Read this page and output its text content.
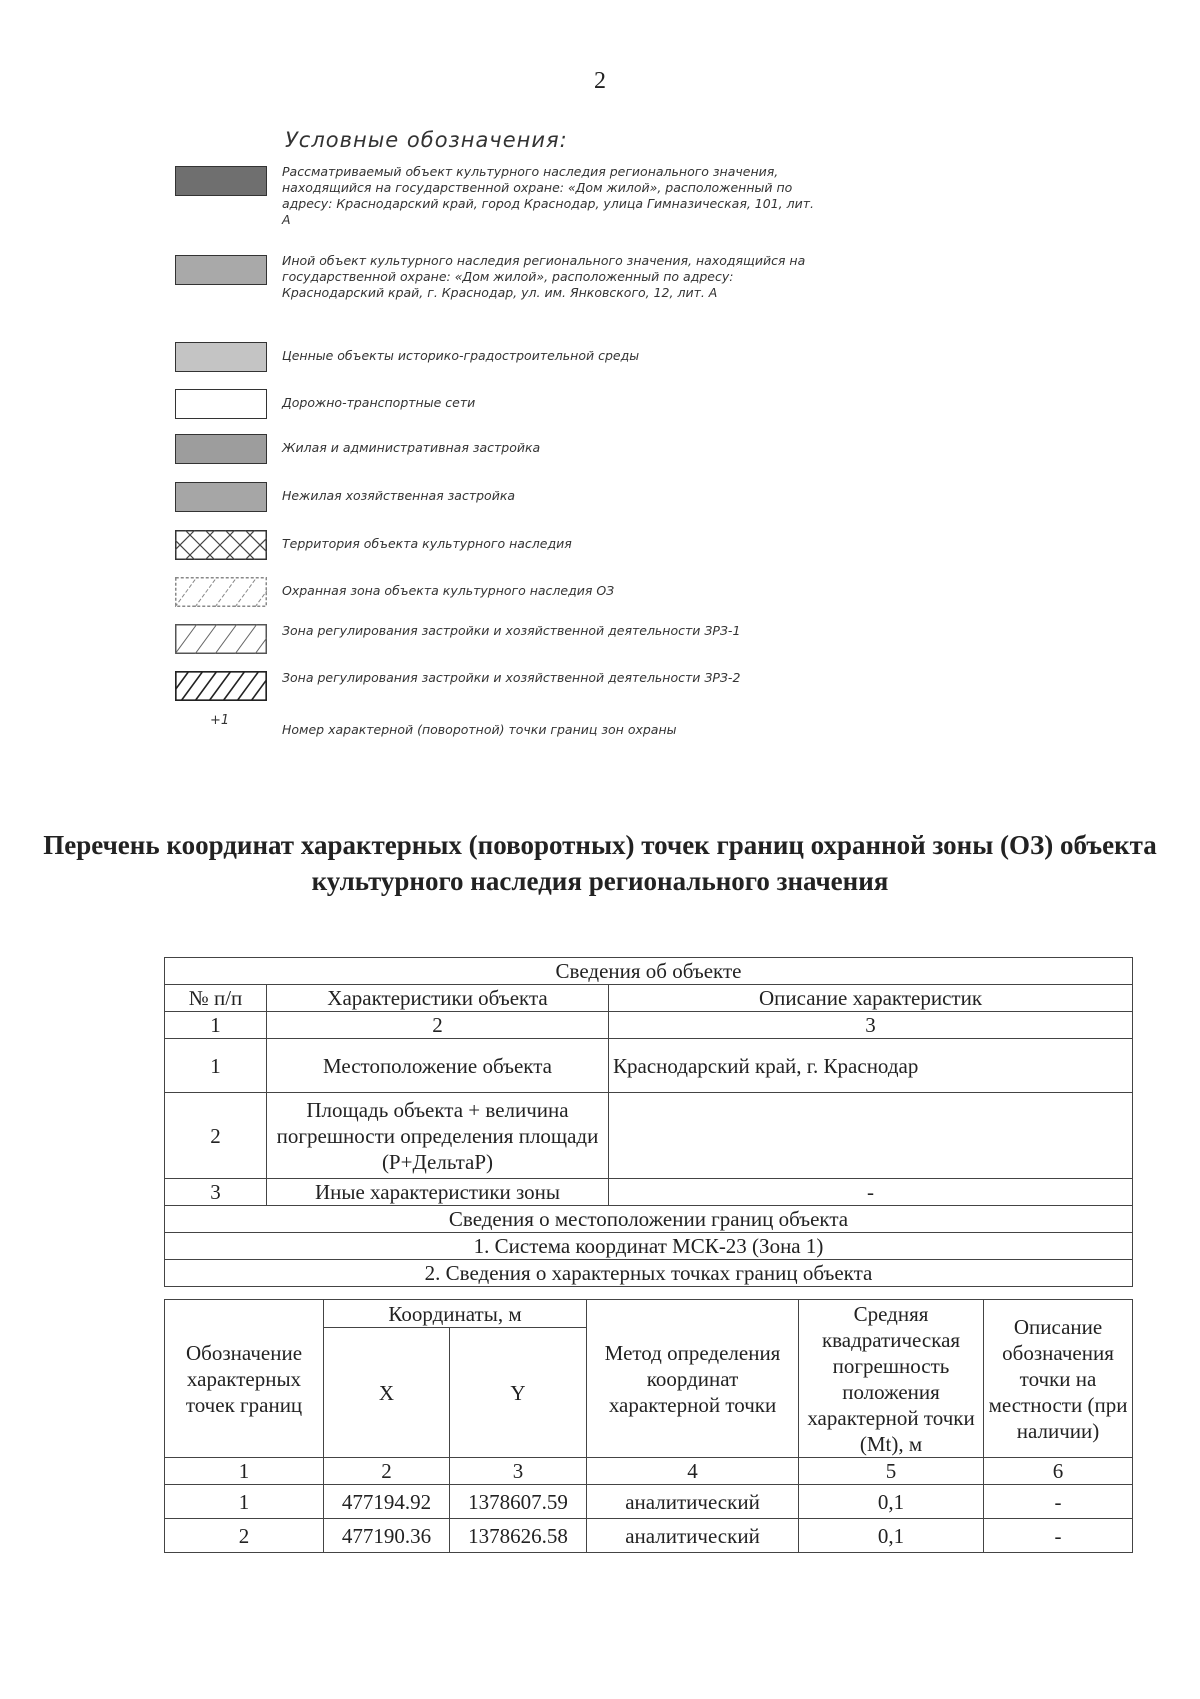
2
Условные обозначения:
Рассматриваемый объект культурного наследия регионального значения, находящийся на государственной охране: «Дом жилой», расположенный по адресу: Краснодарский край, город Краснодар, улица Гимназическая, 101, лит. А
Иной объект культурного наследия регионального значения, находящийся на государственной охране: «Дом жилой», расположенный по адресу: Краснодарский край, г. Краснодар, ул. им. Янковского, 12, лит. А
Ценные объекты историко-градостроительной среды
Дорожно-транспортные сети
Жилая и административная застройка
Нежилая хозяйственная застройка
Территория объекта культурного наследия
Охранная зона объекта культурного наследия ОЗ
Зона регулирования застройки и хозяйственной деятельности ЗРЗ-1
Зона регулирования застройки и хозяйственной деятельности ЗРЗ-2
+1
Номер характерной (поворотной) точки границ зон охраны
Перечень координат характерных (поворотных) точек границ охранной зоны (ОЗ) объекта культурного наследия регионального значения
Сведения об объекте		
№ п/п	Характеристики объекта	Описание характеристик
1	2	3
1	Местоположение объекта	Краснодарский край, г. Краснодар
2	Площадь объекта + величина погрешности определения площади (Р+ДельтаР)	
3	Иные характеристики зоны	-
Сведения о местоположении границ объекта		
1. Система координат МСК-23 (Зона 1)		
2. Сведения о характерных точках границ объекта		
Обозначение характерных точек границ	Координаты, м		Метод определения координат характерной точки	Средняя квадратическая погрешность положения характерной точки (Mt), м	Описание обозначения точки на местности (при наличии)
	X	Y			
1	2	3	4	5	6
1	477194.92	1378607.59	аналитический	0,1	-
2	477190.36	1378626.58	аналитический	0,1	-
